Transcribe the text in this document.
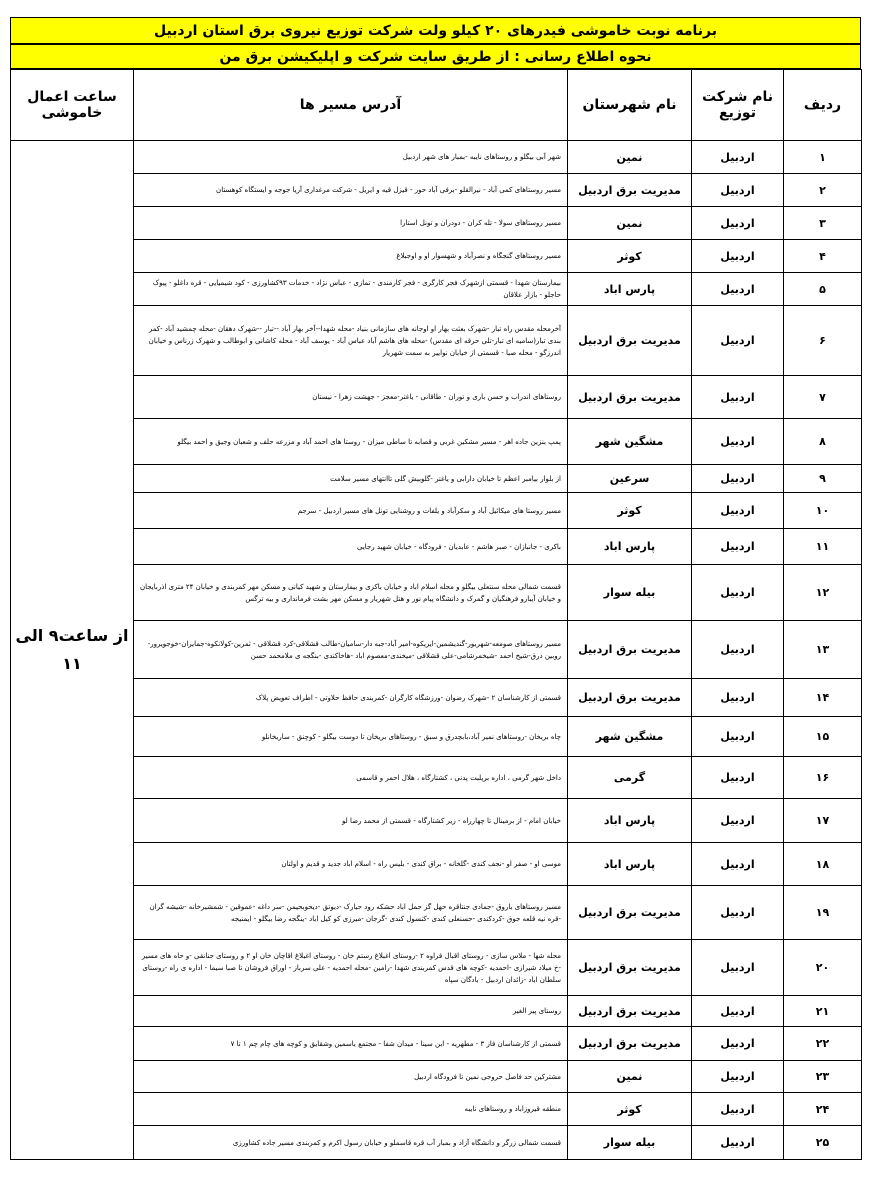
برنامه نوبت خاموشی فیدرهای ۲۰ کیلو ولت شرکت توزیع نیروی برق استان اردبیل
نحوه اطلاع رسانی : از طریق سایت شرکت و اپلیکیشن برق من
ردیف	نام شرکت توزیع	نام شهرستان	آدرس مسیر ها	ساعت اعمال خاموشی
۱	اردبیل	نمین	شهر آبی بیگلو و روستاهای نایبه -بمبار های شهر اردبیل	از ساعت۹ الی ۱۱
۲	اردبیل	مدیریت برق اردبیل	مسیر روستاهای کمی آباد - نیرالقلو -برفی آباد حور - قیزل قیه و ایریل - شرکت مرغداری آریا جوجه و ایستگاه کوهستان	
۳	اردبیل	نمین	مسیر روستاهای سولا - تله کران - دودران و تونل استارا	
۴	اردبیل	کوثر	مسیر روستاهای گنجگاه و نصرآباد و شهسوار او و اوجبلاغ	
۵	اردبیل	پارس اباد	بیمارستان شهدا - قسمتی ازشهرک فجر کارگری - فجر کارمندی - تمازی - عباس نژاد - خدمات ۹۳کشاورزی - کود شیمیایی - قره داغلو - پیوک حاجلو - بازار علاقان	
۶	اردبیل	مدیریت برق اردبیل	آخرمحله مقدس راه تبار -شهرک بعثت بهار او اوجانه های سازمانی بنیاد -محله شهدا--آخر بهار آباد --تبار --شهرک دهقان -محله چمشید آباد -کمر بندی تبار(سامیه ای تبار-تلی حرقه ای مقدس) -محله های هاشم آباد عباس آباد - یوسف آباد - محله کاشانی و ابوطالب و شهرک زرناس و خیابان اندرزگو - محله صبا - قسمتی از خیابان نواییر به سمت شهریار	
۷	اردبیل	مدیریت برق اردبیل	روستاهای اندراب و حسن باری و توران - طاقانی - یاغتر-معجز - جهشت زهرا - نیستان	
۸	اردبیل	مشگین شهر	پمپ بنزین جاده اهر - مسیر مشکین غربی و قصابه تا ساطی میزان - روستا های احمد آباد و مزرعه حلف و شعبان وجیق و احمد بیگلو	
۹	اردبیل	سرعین	از بلوار بیامبر اعظم تا خیابان دارابی و یاغتر -گلوبیش گلی تاانتهای مسیر سلامت	
۱۰	اردبیل	کوثر	مسیر روستا های میکائیل آباد و سکرآباد و یلفات و روشنایی تونل های مسیر اردبیل - سرجم	
۱۱	اردبیل	پارس اباد	باکری - جانبازان - صبر هاشم - عابدیان - فرودگاه - خیابان شهید رجایی	
۱۲	اردبیل	بیله سوار	قسمت شمالی محله سنتعلی بیگلو و محله اسلام اباد و خیابان باکری و بیمارستان و شهید کیانی و مسکن مهر کمربندی و خیابان ۲۴ متری اذربایجان و خیابان آیبارو فرهنگیان و گمرک و دانشگاه پیام نور و هتل شهریار و مسکن مهر بشت فرمانداری و بیه ترگس	
۱۳	اردبیل	مدیریت برق اردبیل	مسیر روستاهای صومعه-شهریور-گندیشمین-ایریکوه-امیر آباد-جبه دار-سامیان-طالب قشلاقی-کرد قشلاقی - ثمرین-کولانکوه-جمایران-خوجویرور-روبین درق-شیخ احمد -شیخمرشامی-علی قشلاقی -میخندی-معصوم اباد -هاخاکندی -بنگجه ی ملامحمد حسن	
۱۴	اردبیل	مدیریت برق اردبیل	قسمتی از کارشناسان ۲ -شهرک رضوان -ورزشگاه کارگران -کمربندی حافظ حلاوتی - اطراف تعویض پلاک	
۱۵	اردبیل	مشگین شهر	چاه بریخان -روستاهای نمیر آباد،بابچدرق و سبق - روستاهای بریخان تا دوست بیگلو - کوچنق - ساریخانلو	
۱۶	اردبیل	گرمی	داخل شهر گرمی ، اداره برپلبت پدنی ، کشتارگاه ، هلال احمر و قاسمی	
۱۷	اردبیل	پارس اباد	خیابان امام - از برمینال تا چهارراه - زیر کشتارگاه - قسمتی از محمد رضا لو	
۱۸	اردبیل	پارس اباد	موسی او - صفر او -نجف کندی -گلخانه - براق کندی - بلیس راه - اسلام اباد جدید و قدیم و اولتان	
۱۹	اردبیل	مدیریت برق اردبیل	مسیر روستاهای باروق -جمادی جنتاقره حهل گز حمل اباد حشکه رود حیارک -دیوتق -دیحوبحیمن -سر داغه -عموقین - شمشیرخانه -شیشه گران -قره نیه قلعه جوق -کردکندی -حسنعلی کندی -کنسول کندی -گرجان -میرزی کو کیل اباد -ینگجه رضا بیگلو - ایمنیجه	
۲۰	اردبیل	مدیریت برق اردبیل	محله شها - ملاس سازی - روستای اقبال قراوه ۲ -روستای اغبلاغ رستم خان - روستای اغبلاغ اقاچان خان او ۲ و روستای حنانقی -و حاه های مسیر -خ میلاد شیرازی -احمدیه -کوچه های قدس کمربندی شهدا -رامین -محله احمدیه - علی سرباز - اوراق فروشان تا صبا سیما - اداره ی راه -روستای سلطان اباد -زائدان اردبیل - بادگان سپاه	
۲۱	اردبیل	مدیریت برق اردبیل	روستای پیر الغیر	
۲۲	اردبیل	مدیریت برق اردبیل	قسمتی از کارشناسان فاز ۳ - مطهریه - ابن سینا - میدان شفا - مجتمع یاسمین وشقایق و کوچه های چام چم ۱ تا ۷	
۲۳	اردبیل	نمین	مشترکین حد فاصل حروجی نمین تا فرودگاه اردبیل	
۲۴	اردبیل	کوثر	منطقه قیروزاباد و روستاهای نایبه	
۲۵	اردبیل	بیله سوار	قسمت شمالی زرگر و دانشگاه آزاد و بمبار آب قره قاسملو و خیابان رسول اکرم و کمربندی مسیر جاده کشاورزی	
